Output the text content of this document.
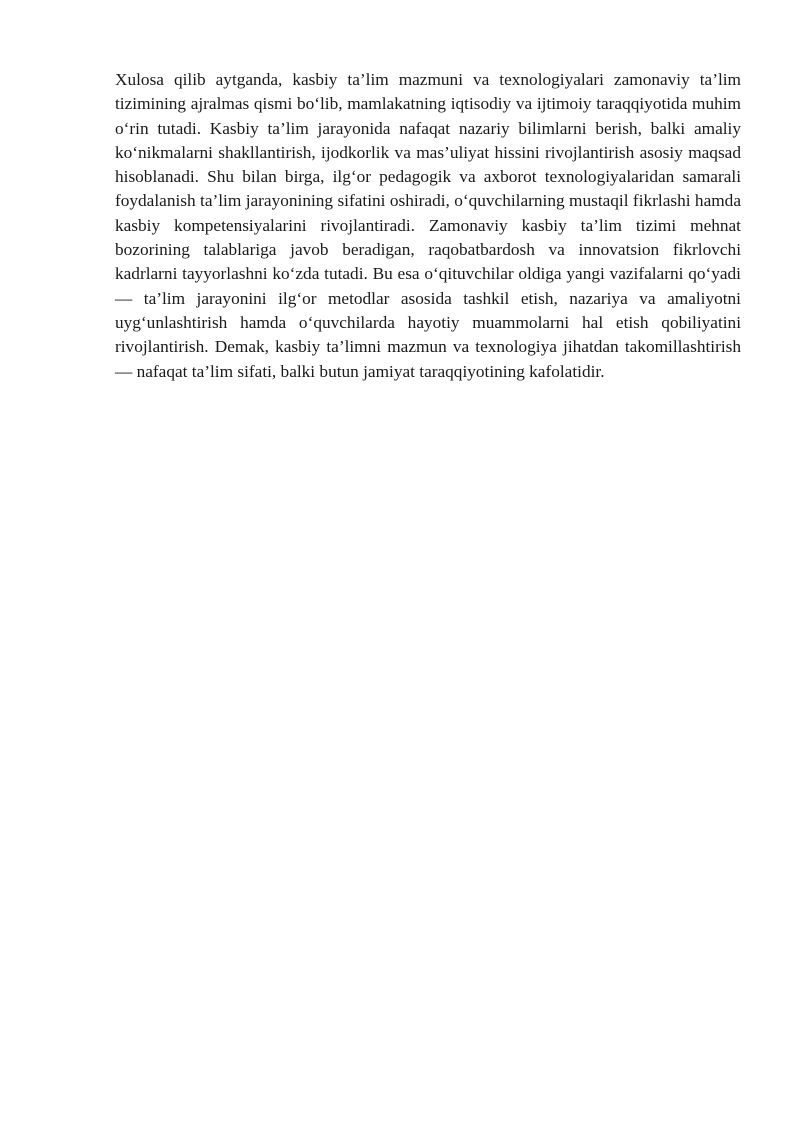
Xulosa qilib aytganda, kasbiy ta’lim mazmuni va texnologiyalari zamonaviy ta’lim tizimining ajralmas qismi bo‘lib, mamlakatning iqtisodiy va ijtimoiy taraqqiyotida muhim o‘rin tutadi. Kasbiy ta’lim jarayonida nafaqat nazariy bilimlarni berish, balki amaliy ko‘nikmalarni shakllantirish, ijodkorlik va mas’uliyat hissini rivojlantirish asosiy maqsad hisoblanadi. Shu bilan birga, ilg‘or pedagogik va axborot texnologiyalaridan samarali foydalanish ta’lim jarayonining sifatini oshiradi, o‘quvchilarning mustaqil fikrlashi hamda kasbiy kompetensiyalarini rivojlantiradi. Zamonaviy kasbiy ta’lim tizimi mehnat bozorining talablariga javob beradigan, raqobatbardosh va innovatsion fikrlovchi kadrlarni tayyorlashni ko‘zda tutadi. Bu esa o‘qituvchilar oldiga yangi vazifalarni qo‘yadi — ta’lim jarayonini ilg‘or metodlar asosida tashkil etish, nazariya va amaliyotni uyg‘unlashtirish hamda o‘quvchilarda hayotiy muammolarni hal etish qobiliyatini rivojlantirish. Demak, kasbiy ta’limni mazmun va texnologiya jihatdan takomillashtirish — nafaqat ta’lim sifati, balki butun jamiyat taraqqiyotining kafolatidir.
